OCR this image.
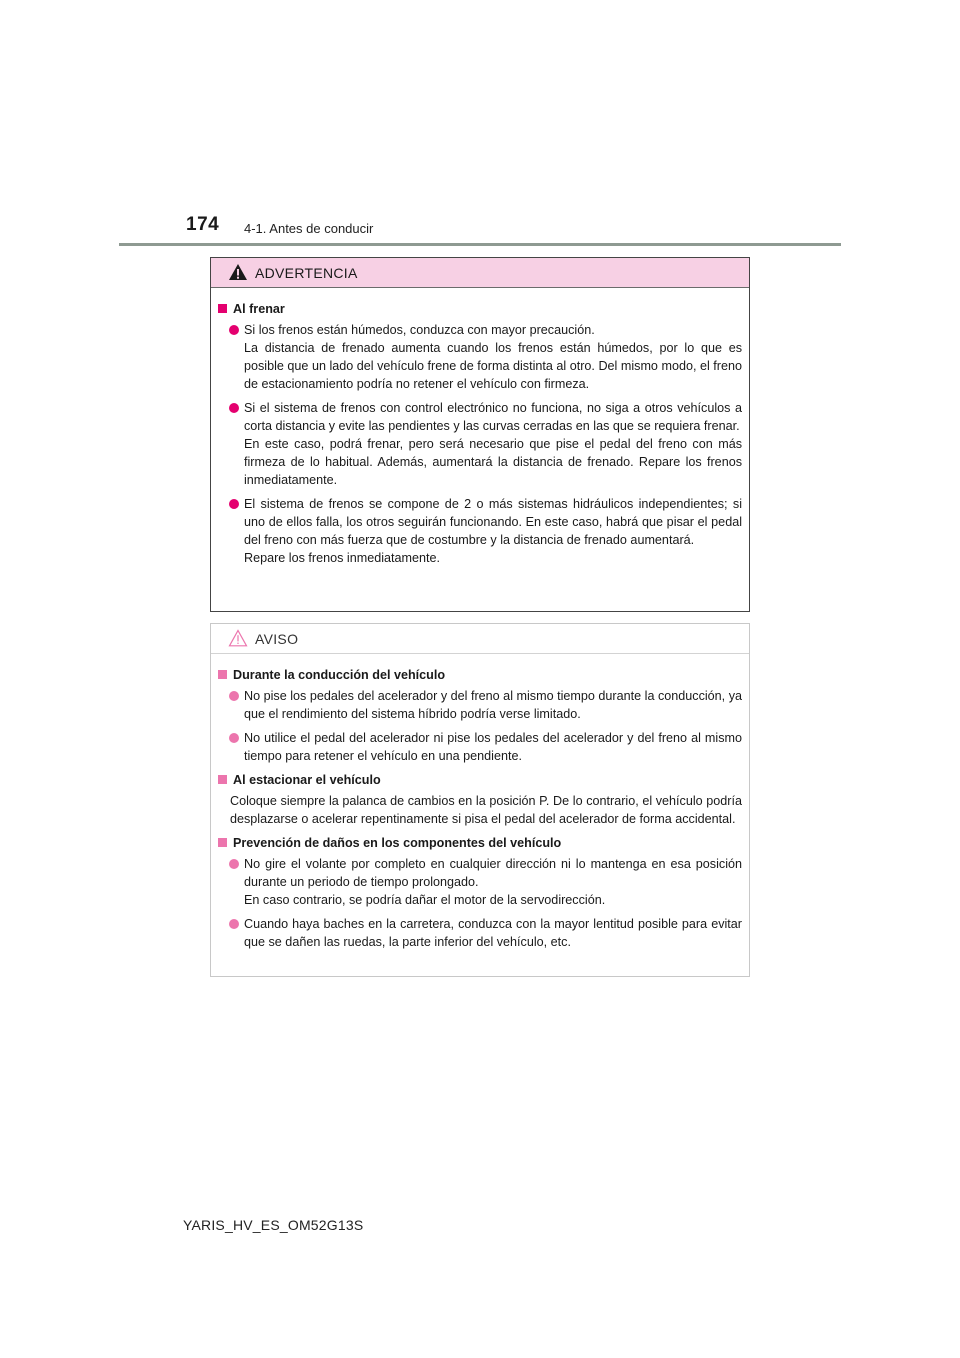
174 4-1. Antes de conducir
ADVERTENCIA
Al frenar
Si los frenos están húmedos, conduzca con mayor precaución.
La distancia de frenado aumenta cuando los frenos están húmedos, por lo que es posible que un lado del vehículo frene de forma distinta al otro. Del mismo modo, el freno de estacionamiento podría no retener el vehículo con firmeza.
Si el sistema de frenos con control electrónico no funciona, no siga a otros vehículos a corta distancia y evite las pendientes y las curvas cerradas en las que se requiera frenar.
En este caso, podrá frenar, pero será necesario que pise el pedal del freno con más firmeza de lo habitual. Además, aumentará la distancia de frenado. Repare los frenos inmediatamente.
El sistema de frenos se compone de 2 o más sistemas hidráulicos independientes; si uno de ellos falla, los otros seguirán funcionando. En este caso, habrá que pisar el pedal del freno con más fuerza que de costumbre y la distancia de frenado aumentará.
Repare los frenos inmediatamente.
AVISO
Durante la conducción del vehículo
No pise los pedales del acelerador y del freno al mismo tiempo durante la conducción, ya que el rendimiento del sistema híbrido podría verse limitado.
No utilice el pedal del acelerador ni pise los pedales del acelerador y del freno al mismo tiempo para retener el vehículo en una pendiente.
Al estacionar el vehículo
Coloque siempre la palanca de cambios en la posición P. De lo contrario, el vehículo podría desplazarse o acelerar repentinamente si pisa el pedal del acelerador de forma accidental.
Prevención de daños en los componentes del vehículo
No gire el volante por completo en cualquier dirección ni lo mantenga en esa posición durante un periodo de tiempo prolongado.
En caso contrario, se podría dañar el motor de la servodirección.
Cuando haya baches en la carretera, conduzca con la mayor lentitud posible para evitar que se dañen las ruedas, la parte inferior del vehículo, etc.
YARIS_HV_ES_OM52G13S
